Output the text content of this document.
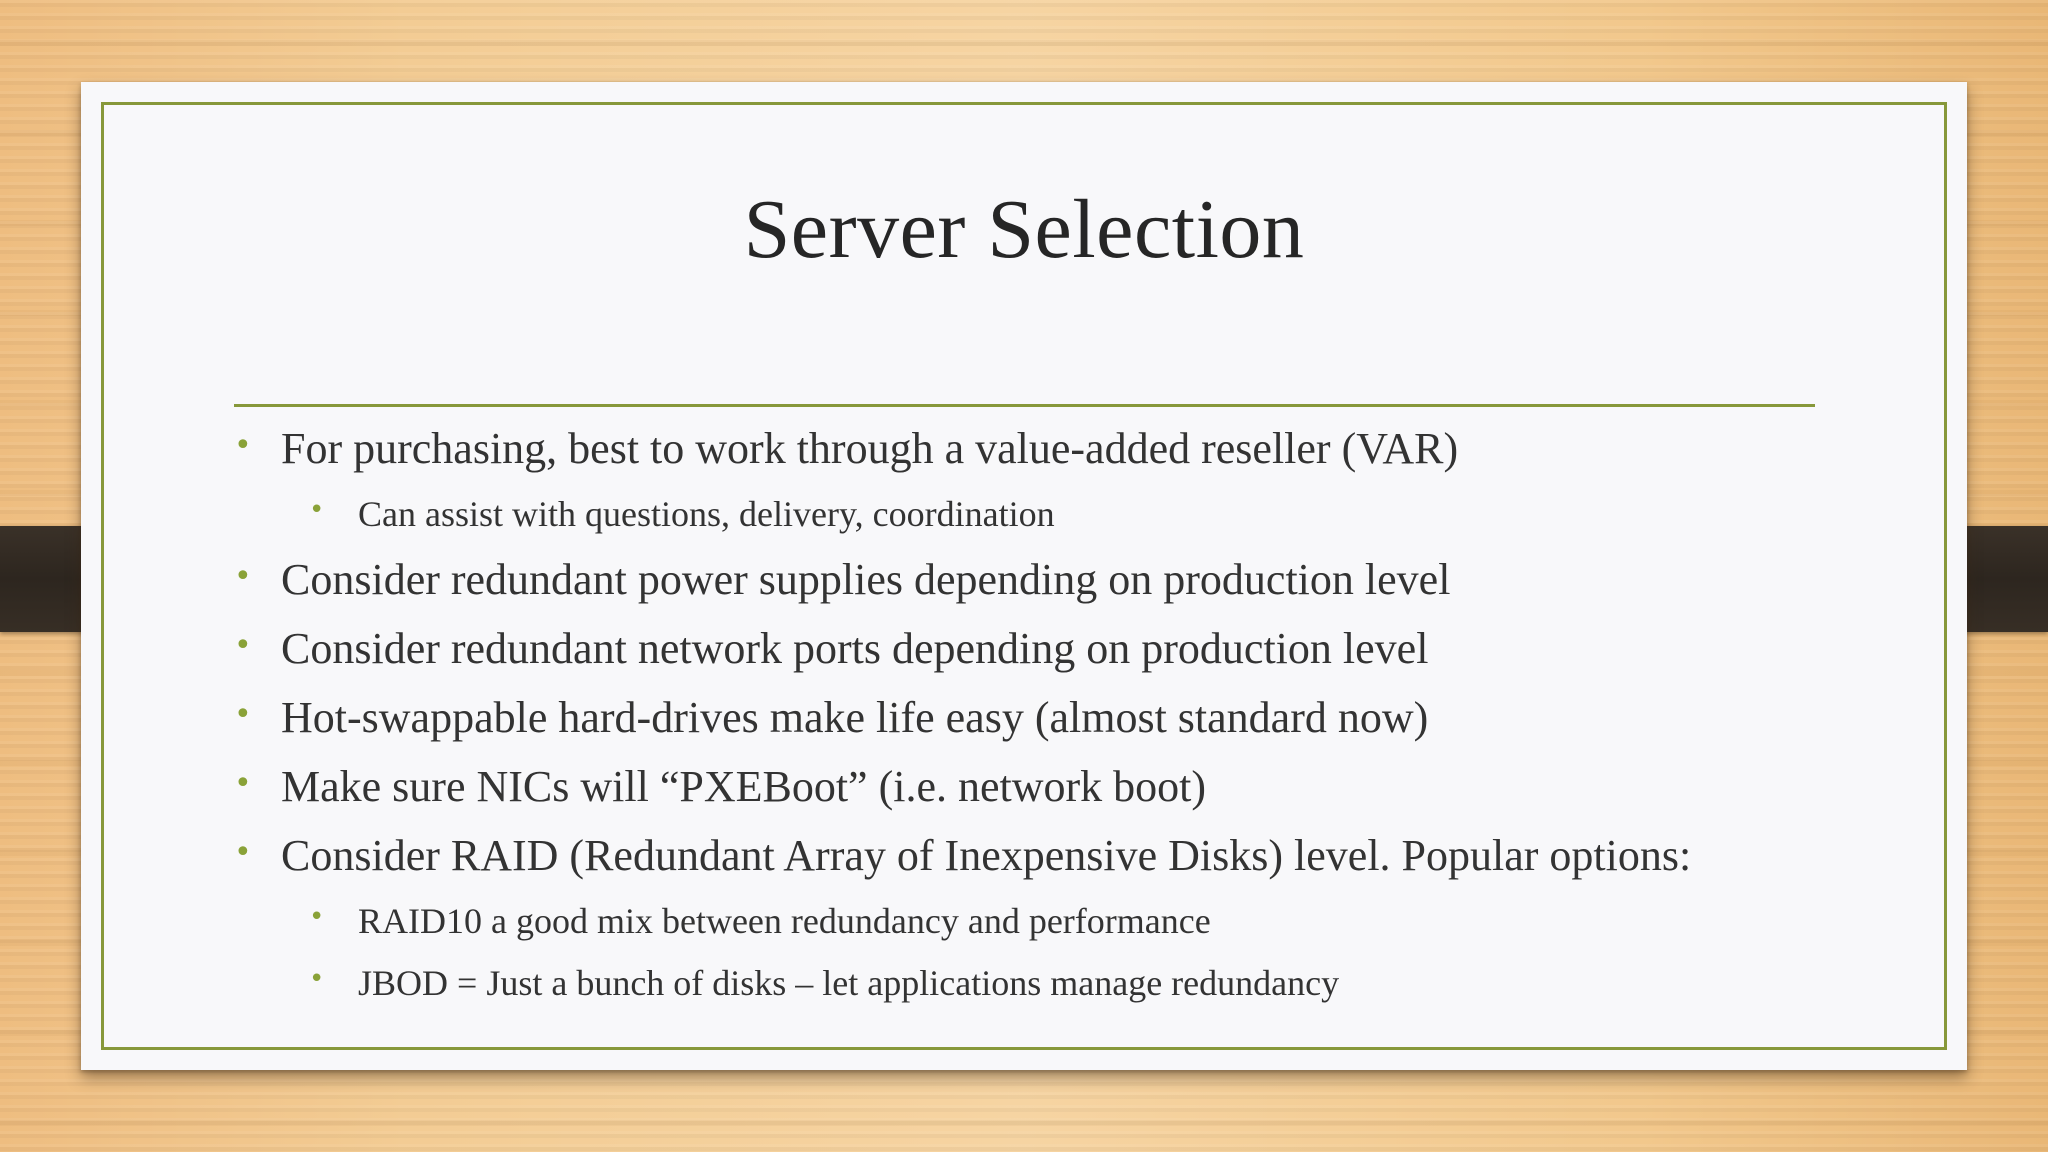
Server Selection
• For purchasing, best to work through a value-added reseller (VAR)
• Can assist with questions, delivery, coordination
• Consider redundant power supplies depending on production level
• Consider redundant network ports depending on production level
• Hot-swappable hard-drives make life easy (almost standard now)
• Make sure NICs will “PXEBoot” (i.e. network boot)
• Consider RAID (Redundant Array of Inexpensive Disks) level. Popular options:
• RAID10 a good mix between redundancy and performance
• JBOD = Just a bunch of disks – let applications manage redundancy
